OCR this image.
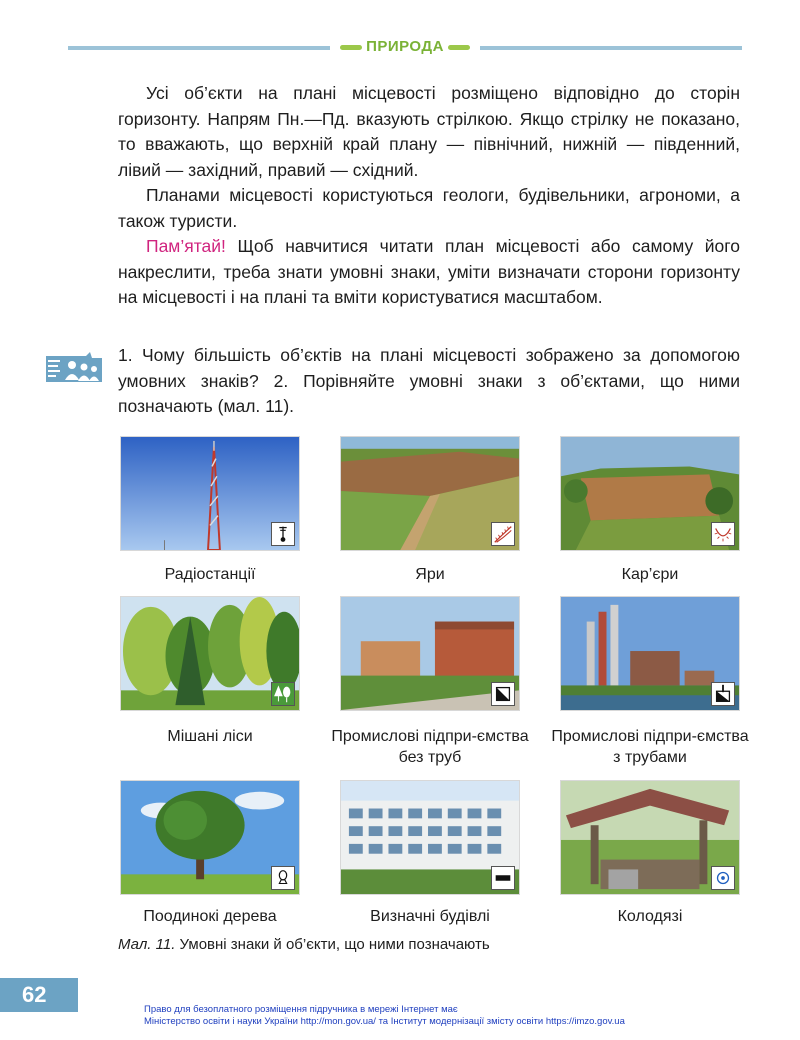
ПРИРОДА

Усі об’єкти на плані місцевості розміщено відповідно до сторін горизонту. Напрям Пн.—Пд. вказують стрілкою. Якщо стрілку не показано, то вважають, що верхній край плану — північний, нижній — південний, лівий — західний, правий — східний.

Планами місцевості користуються геологи, будівельники, агрономи, а також туристи.

Пам’ятай! Щоб навчитися читати план місцевості або самому його накреслити, треба знати умовні знаки, уміти визначати сторони горизонту на місцевості і на плані та вміти користуватися масштабом.

1. Чому більшість об’єктів на плані місцевості зображено за допомогою умовних знаків? 2. Порівняйте умовні знаки з об’єктами, що ними позначають (мал. 11).
Радіостанції	Яри	Кар’єри
Мішані ліси	Промислові підпри-ємства без труб
Промислові підпри-ємства з трубами
Поодинокі дерева	Визначні будівлі	Колодязі
Мал. 11. Умовні знаки й об’єкти, що ними позначають
62
Право для безоплатного розміщення підручника в мережі Інтернет має
Міністерство освіти і науки України http://mon.gov.ua/ та Інститут модернізації змісту освіти https://imzo.gov.ua
